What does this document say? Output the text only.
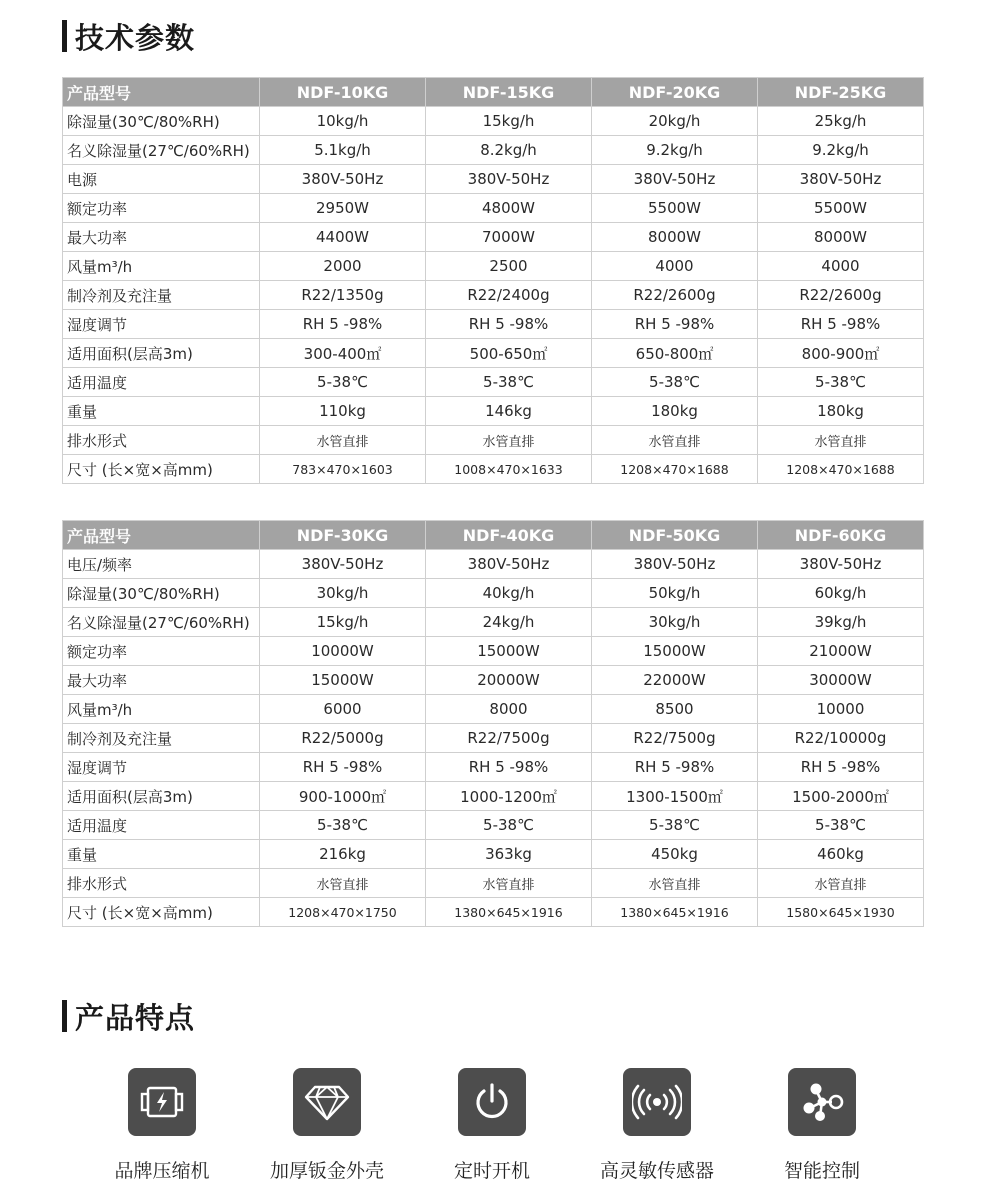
技术参数
产品型号	NDF-10KG	NDF-15KG	NDF-20KG	NDF-25KG
除湿量(30℃/80%RH)	10kg/h	15kg/h	20kg/h	25kg/h
名义除湿量(27℃/60%RH)	5.1kg/h	8.2kg/h	9.2kg/h	9.2kg/h
电源	380V-50Hz	380V-50Hz	380V-50Hz	380V-50Hz
额定功率	2950W	4800W	5500W	5500W
最大功率	4400W	7000W	8000W	8000W
风量m³/h	2000	2500	4000	4000
制冷剂及充注量	R22/1350g	R22/2400g	R22/2600g	R22/2600g
湿度调节	RH 5 -98%	RH 5 -98%	RH 5 -98%	RH 5 -98%
适用面积(层高3m)	300-400㎡	500-650㎡	650-800㎡	800-900㎡
适用温度	5-38℃	5-38℃	5-38℃	5-38℃
重量	110kg	146kg	180kg	180kg
排水形式	水管直排	水管直排	水管直排	水管直排
尺寸 (长×宽×高mm)	783×470×1603	1008×470×1633	1208×470×1688	1208×470×1688
产品型号	NDF-30KG	NDF-40KG	NDF-50KG	NDF-60KG
电压/频率	380V-50Hz	380V-50Hz	380V-50Hz	380V-50Hz
除湿量(30℃/80%RH)	30kg/h	40kg/h	50kg/h	60kg/h
名义除湿量(27℃/60%RH)	15kg/h	24kg/h	30kg/h	39kg/h
额定功率	10000W	15000W	15000W	21000W
最大功率	15000W	20000W	22000W	30000W
风量m³/h	6000	8000	8500	10000
制冷剂及充注量	R22/5000g	R22/7500g	R22/7500g	R22/10000g
湿度调节	RH 5 -98%	RH 5 -98%	RH 5 -98%	RH 5 -98%
适用面积(层高3m)	900-1000㎡	1000-1200㎡	1300-1500㎡	1500-2000㎡
适用温度	5-38℃	5-38℃	5-38℃	5-38℃
重量	216kg	363kg	450kg	460kg
排水形式	水管直排	水管直排	水管直排	水管直排
尺寸 (长×宽×高mm)	1208×470×1750	1380×645×1916	1380×645×1916	1580×645×1930
产品特点
品牌压缩机	加厚钣金外壳	定时开机	高灵敏传感器	智能控制
